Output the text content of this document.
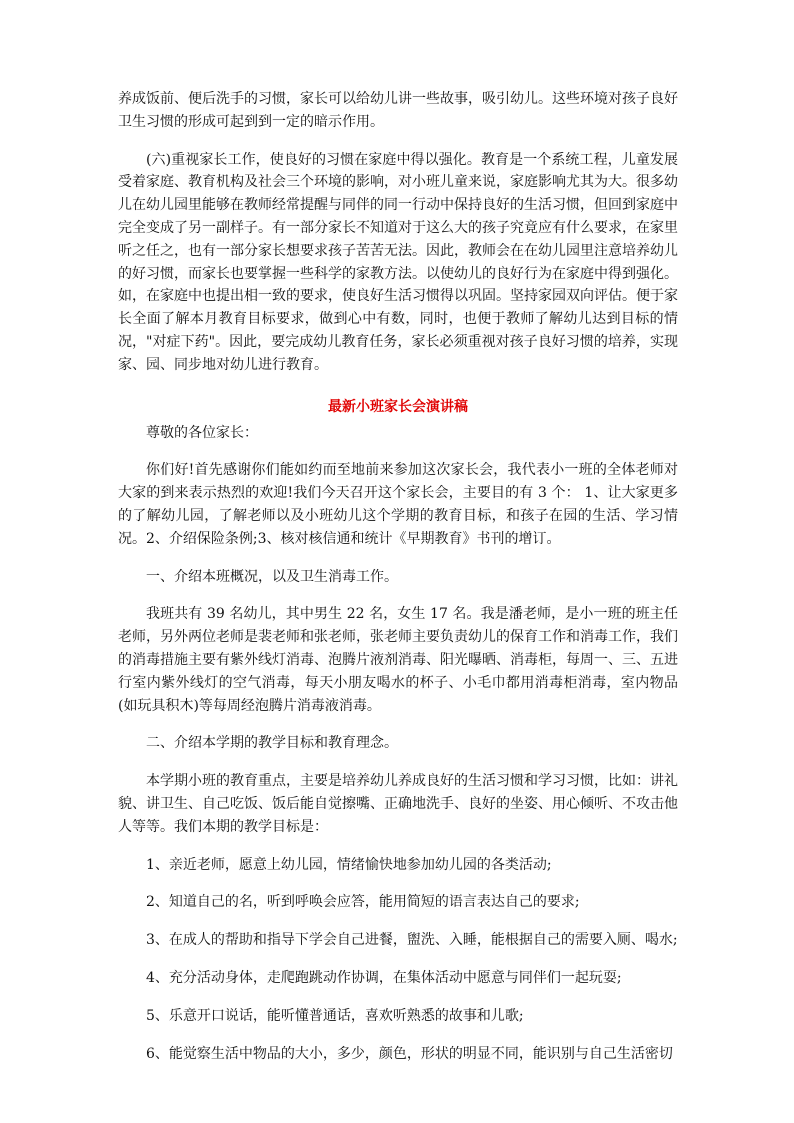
养成饭前、便后洗手的习惯，家长可以给幼儿讲一些故事，吸引幼儿。这些环境对孩子良好卫生习惯的形成可起到到一定的暗示作用。

(六)重视家长工作，使良好的习惯在家庭中得以强化。教育是一个系统工程，儿童发展受着家庭、教育机构及社会三个环境的影响，对小班儿童来说，家庭影响尤其为大。很多幼儿在幼儿园里能够在教师经常提醒与同伴的同一行动中保持良好的生活习惯，但回到家庭中完全变成了另一副样子。有一部分家长不知道对于这么大的孩子究竟应有什么要求，在家里听之任之，也有一部分家长想要求孩子苦苦无法。因此，教师会在在幼儿园里注意培养幼儿的好习惯，而家长也要掌握一些科学的家教方法。以使幼儿的良好行为在家庭中得到强化。如，在家庭中也提出相一致的要求，使良好生活习惯得以巩固。坚持家园双向评估。便于家长全面了解本月教育目标要求，做到心中有数，同时，也便于教师了解幼儿达到目标的情况，"对症下药"。因此，要完成幼儿教育任务，家长必须重视对孩子良好习惯的培养，实现家、园、同步地对幼儿进行教育。

最新小班家长会演讲稿

尊敬的各位家长：

你们好!首先感谢你们能如约而至地前来参加这次家长会，我代表小一班的全体老师对大家的到来表示热烈的欢迎!我们今天召开这个家长会，主要目的有 3 个： 1、让大家更多的了解幼儿园，了解老师以及小班幼儿这个学期的教育目标，和孩子在园的生活、学习情况。2、介绍保险条例;3、核对核信通和统计《早期教育》书刊的增订。

一、介绍本班概况，以及卫生消毒工作。

我班共有 39 名幼儿，其中男生 22 名，女生 17 名。我是潘老师，是小一班的班主任老师，另外两位老师是裴老师和张老师，张老师主要负责幼儿的保育工作和消毒工作，我们的消毒措施主要有紫外线灯消毒、泡腾片液剂消毒、阳光曝晒、消毒柜，每周一、三、五进行室内紫外线灯的空气消毒，每天小朋友喝水的杯子、小毛巾都用消毒柜消毒，室内物品(如玩具积木)等每周经泡腾片消毒液消毒。

二、介绍本学期的教学目标和教育理念。

本学期小班的教育重点，主要是培养幼儿养成良好的生活习惯和学习习惯，比如：讲礼貌、讲卫生、自己吃饭、饭后能自觉擦嘴、正确地洗手、良好的坐姿、用心倾听、不攻击他人等等。我们本期的教学目标是：

1、亲近老师，愿意上幼儿园，情绪愉快地参加幼儿园的各类活动;

2、知道自己的名，听到呼唤会应答，能用简短的语言表达自己的要求;

3、在成人的帮助和指导下学会自己进餐，盥洗、入睡，能根据自己的需要入厕、喝水;

4、充分活动身体，走爬跑跳动作协调，在集体活动中愿意与同伴们一起玩耍;

5、乐意开口说话，能听懂普通话，喜欢听熟悉的故事和儿歌;

6、能觉察生活中物品的大小，多少，颜色，形状的明显不同，能识别与自己生活密切
